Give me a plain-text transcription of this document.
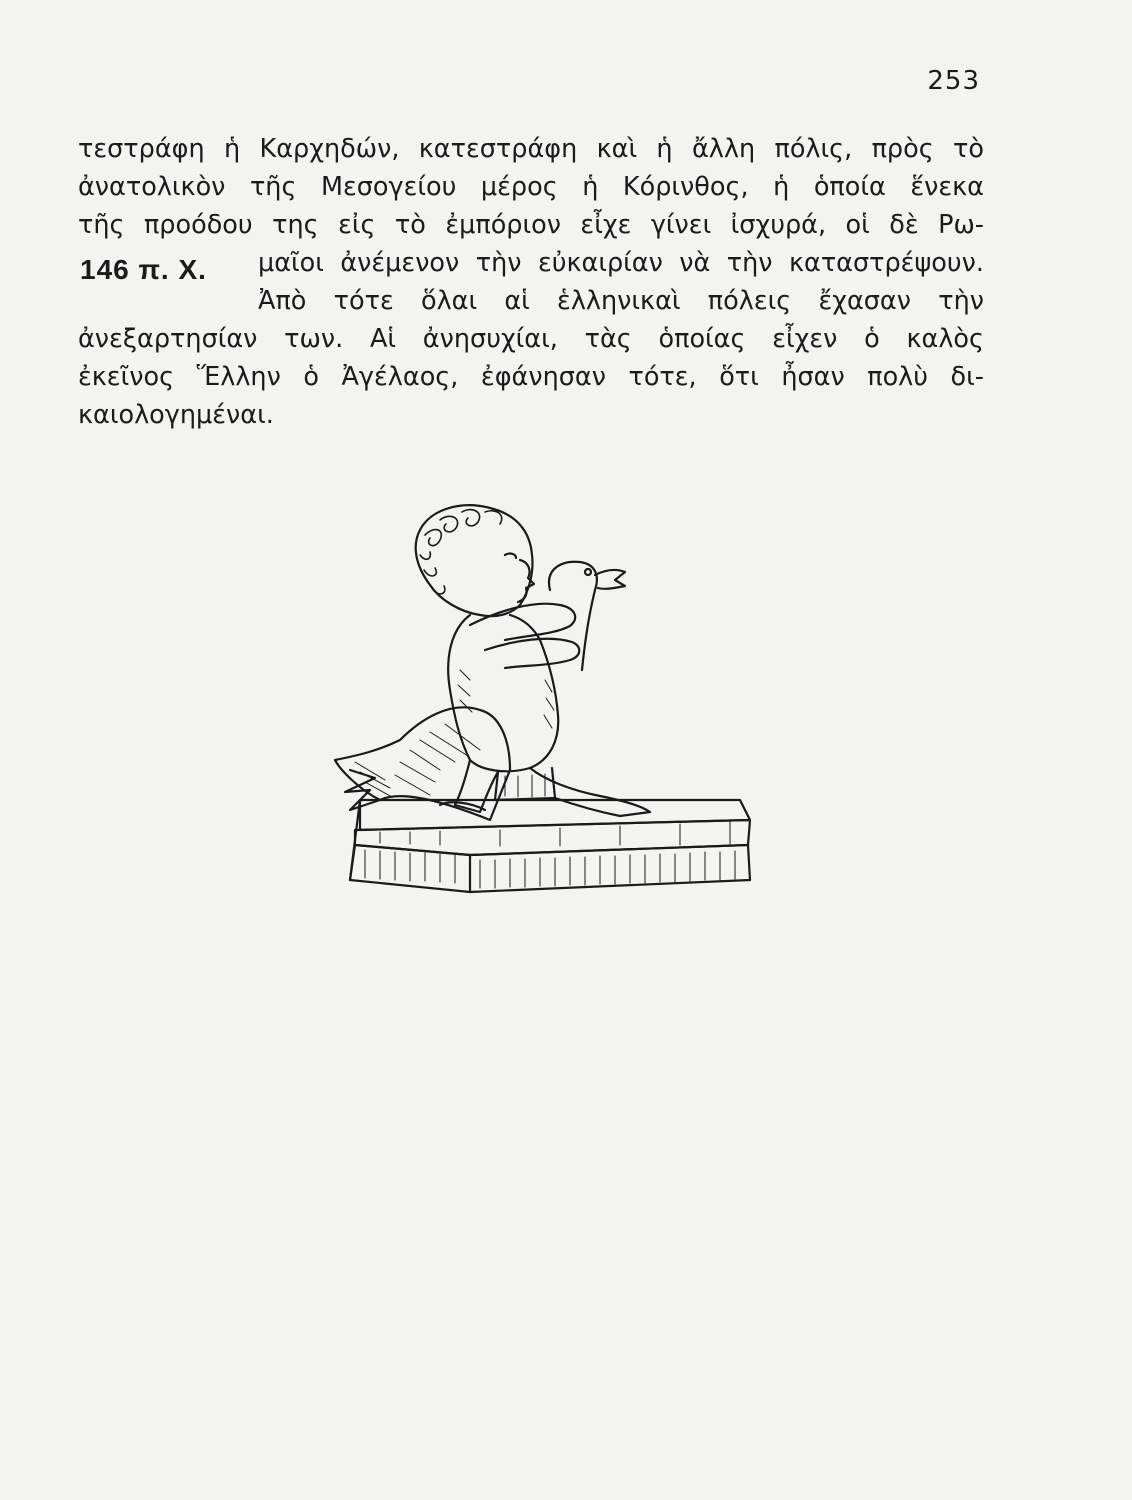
253
146 π. Χ.
τεστράφη ἡ Καρχηδών, κατεστράφη καὶ ἡ ἄλλη πόλις, πρὸς τὸ
ἀνατολικὸν τῆς Μεσογείου μέρος ἡ Κόρινθος, ἡ ὁποία ἕνεκα
τῆς προόδου της εἰς τὸ ἐμπόριον εἶχε γίνει ἰσχυρά, οἱ δὲ Ρω-
μαῖοι ἀνέμενον τὴν εὐκαιρίαν νὰ τὴν καταστρέψουν.
Ἀπὸ τότε ὅλαι αἱ ἑλληνικαὶ πόλεις ἔχασαν τὴν
ἀνεξαρτησίαν των. Αἱ ἀνησυχίαι, τὰς ὁποίας εἶχεν ὁ καλὸς
ἐκεῖνος Ἕλλην ὁ Ἀγέλαος, ἐφάνησαν τότε, ὅτι ἦσαν πολὺ δι-
καιολογημέναι.
